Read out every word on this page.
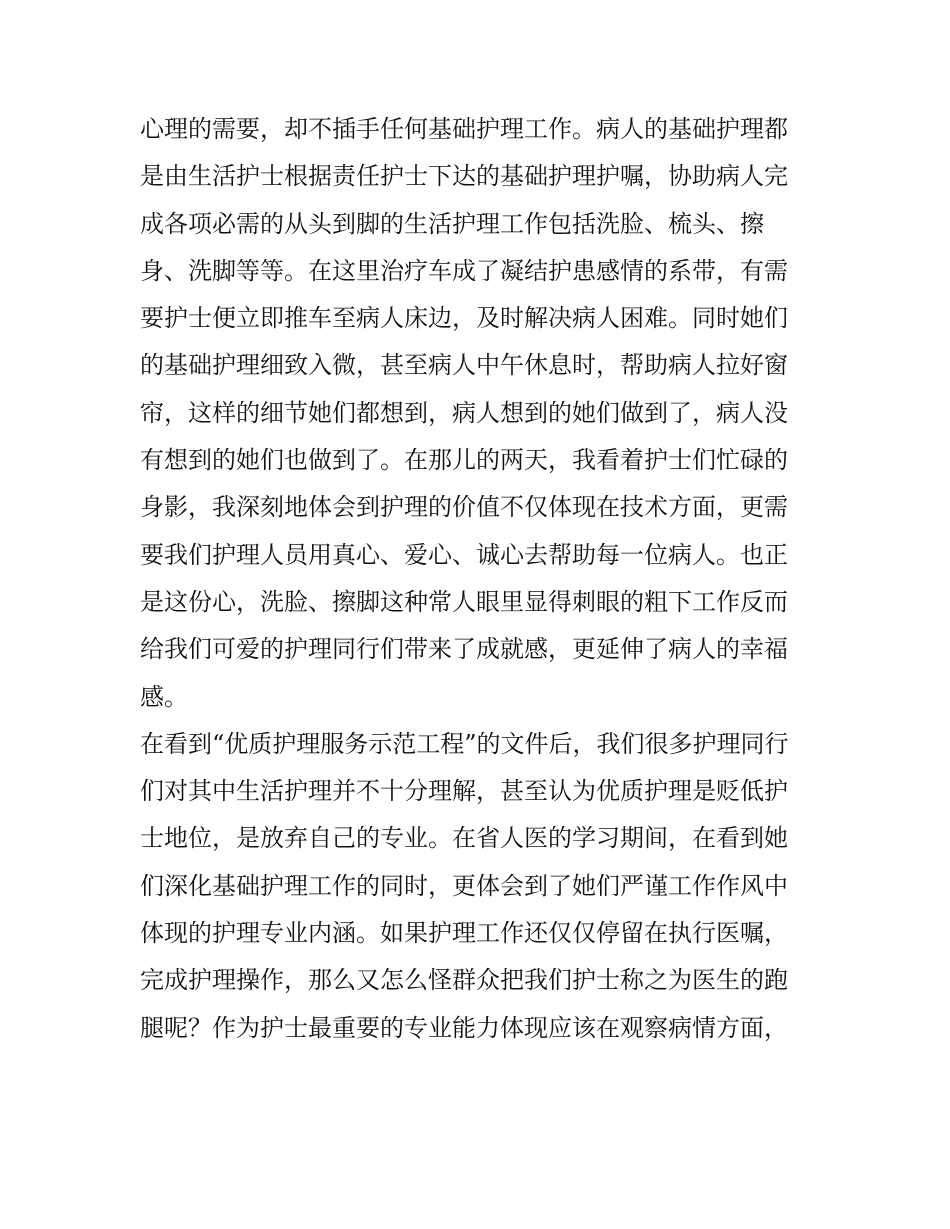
心理的需要，却不插手任何基础护理工作。病人的基础护理都
是由生活护士根据责任护士下达的基础护理护嘱，协助病人完
成各项必需的从头到脚的生活护理工作包括洗脸、梳头、擦
身、洗脚等等。在这里治疗车成了凝结护患感情的系带，有需
要护士便立即推车至病人床边，及时解决病人困难。同时她们
的基础护理细致入微，甚至病人中午休息时，帮助病人拉好窗
帘，这样的细节她们都想到，病人想到的她们做到了，病人没
有想到的她们也做到了。在那儿的两天，我看着护士们忙碌的
身影，我深刻地体会到护理的价值不仅体现在技术方面，更需
要我们护理人员用真心、爱心、诚心去帮助每一位病人。也正
是这份心，洗脸、擦脚这种常人眼里显得刺眼的粗下工作反而
给我们可爱的护理同行们带来了成就感，更延伸了病人的幸福
感。
在看到“优质护理服务示范工程”的文件后，我们很多护理同行
们对其中生活护理并不十分理解，甚至认为优质护理是贬低护
士地位，是放弃自己的专业。在省人医的学习期间，在看到她
们深化基础护理工作的同时，更体会到了她们严谨工作作风中
体现的护理专业内涵。如果护理工作还仅仅停留在执行医嘱，
完成护理操作，那么又怎么怪群众把我们护士称之为医生的跑
腿呢？作为护士最重要的专业能力体现应该在观察病情方面，
